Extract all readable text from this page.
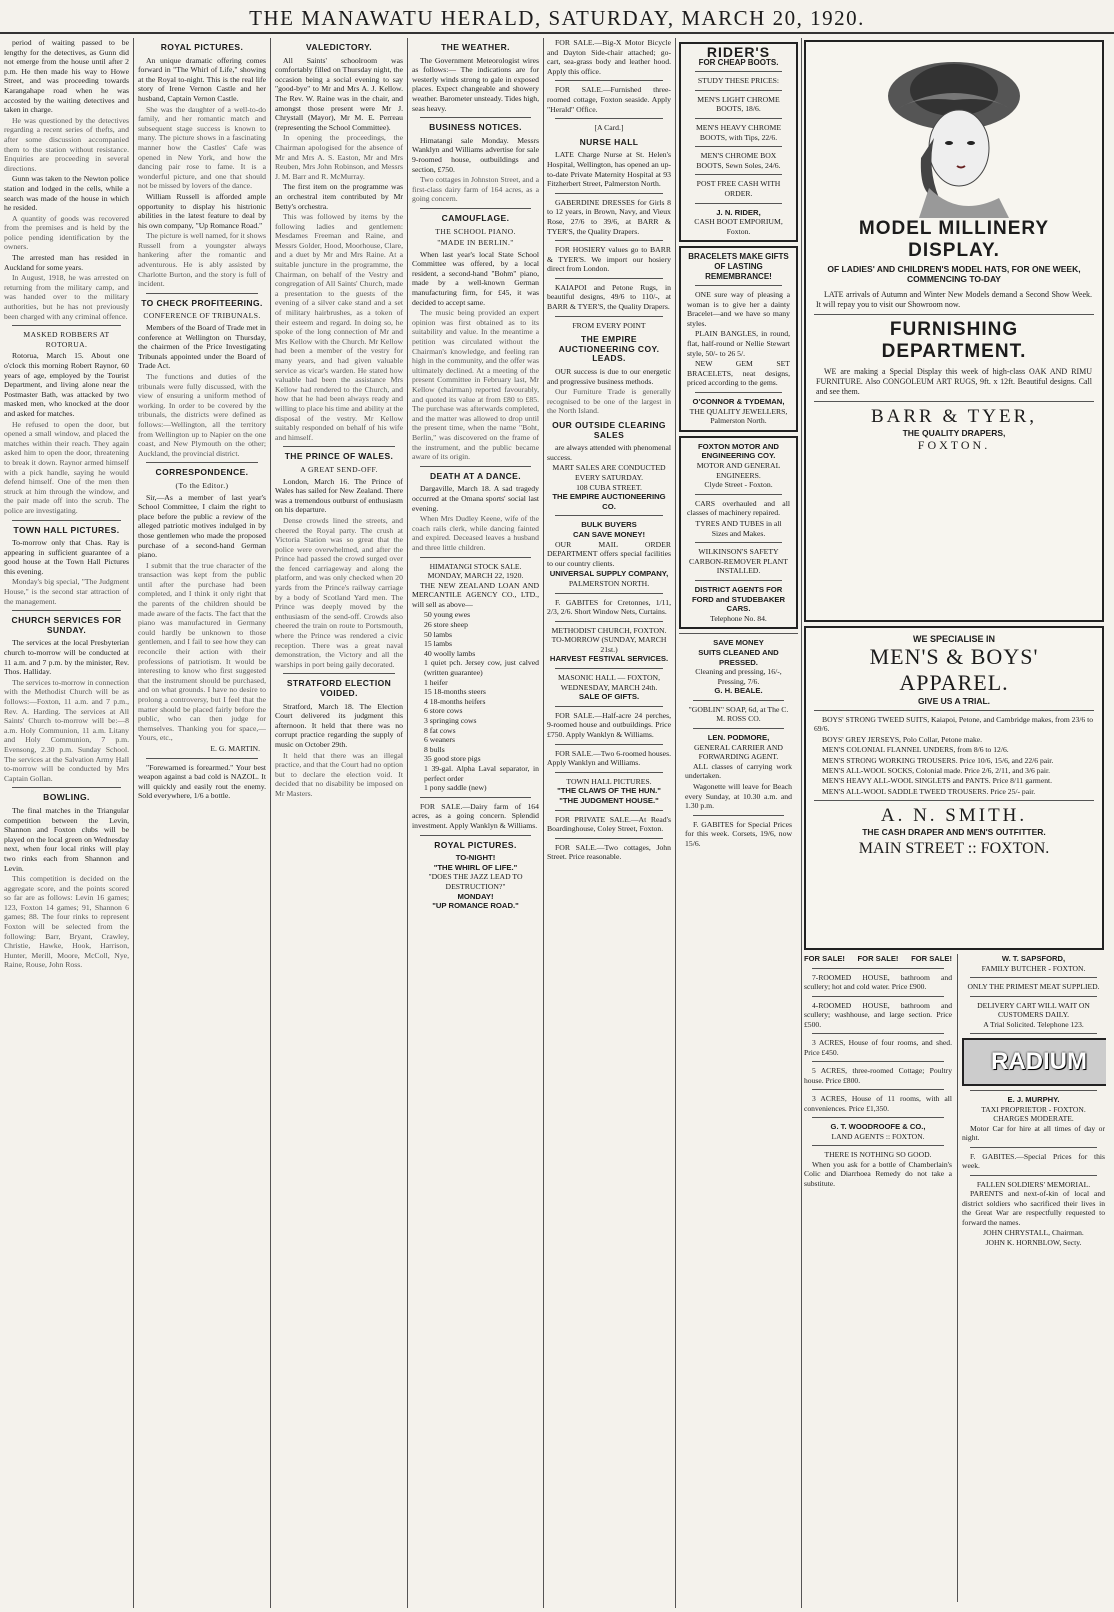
THE MANAWATU HERALD, SATURDAY, MARCH 20, 1920.

period of waiting passed to be lengthy for the detectives, as Gunn did not emerge from the house until after 2 p.m. He then made his way to Howe Street, and was proceeding towards Karangahape road when he was accosted by the waiting detectives and taken in charge.

He was questioned by the detectives regarding a recent series of thefts, and after some discussion accompanied them to the station without resistance. Enquiries are proceeding in several directions.

Gunn was taken to the Newton police station and lodged in the cells, while a search was made of the house in which he resided.

A quantity of goods was recovered from the premises and is held by the police pending identification by the owners.

The arrested man has resided in Auckland for some years.

In August, 1918, he was arrested on returning from the military camp, and was handed over to the military authorities, but he has not previously been charged with any criminal offence.

MASKED ROBBERS AT ROTORUA.

Rotorua, March 15. About one o'clock this morning Robert Raynor, 60 years of age, employed by the Tourist Department, and living alone near the Postmaster Bath, was attacked by two masked men, who knocked at the door and asked for matches.

He refused to open the door, but opened a small window, and placed the matches within their reach. They again asked him to open the door, threatening to break it down. Raynor armed himself with a pick handle, saying he would defend himself. One of the men then struck at him through the window, and the pair made off into the scrub. The police are investigating.

TOWN HALL PICTURES.

To-morrow only that Chas. Ray is appearing in sufficient guarantee of a good house at the Town Hall Pictures this evening.

Monday's big special, "The Judgment House," is the second star attraction of the management.

CHURCH SERVICES FOR SUNDAY.

The services at the local Presbyterian church to-morrow will be conducted at 11 a.m. and 7 p.m. by the minister, Rev. Thos. Halliday.

The services to-morrow in connection with the Methodist Church will be as follows:—Foxton, 11 a.m. and 7 p.m., Rev. A. Harding. The services at All Saints' Church to-morrow will be:—8 a.m. Holy Communion, 11 a.m. Litany and Holy Communion, 7 p.m. Evensong, 2.30 p.m. Sunday School. The services at the Salvation Army Hall to-morrow will be conducted by Mrs Captain Gollan.

BOWLING.

The final matches in the Triangular competition between the Levin, Shannon and Foxton clubs will be played on the local green on Wednesday next, when four local rinks will play two rinks each from Shannon and Levin.

This competition is decided on the aggregate score, and the points scored so far are as follows: Levin 16 games; 123, Foxton 14 games; 91, Shannon 6 games; 88. The four rinks to represent Foxton will be selected from the following: Barr, Bryant, Crawley, Christie, Hawke, Hook, Harrison, Hunter, Merill, Moore, McColl, Nye, Raine, Rouse, John Ross.

ROYAL PICTURES.

An unique dramatic offering comes forward in "The Whirl of Life," showing at the Royal to-night. This is the real life story of Irene Vernon Castle and her husband, Captain Vernon Castle.

She was the daughter of a well-to-do family, and her romantic match and subsequent stage success is known to many. The picture shows in a fascinating manner how the Castles' Cafe was opened in New York, and how the dancing pair rose to fame. It is a wonderful picture, and one that should not be missed by lovers of the dance.

William Russell is afforded ample opportunity to display his histrionic abilities in the latest feature to deal by his own company, "Up Romance Road."

The picture is well named, for it shows Russell from a youngster always hankering after the romantic and adventurous. He is ably assisted by Charlotte Burton, and the story is full of incident.

TO CHECK PROFITEERING.
CONFERENCE OF TRIBUNALS.

Members of the Board of Trade met in conference at Wellington on Thursday, the chairmen of the Price Investigating Tribunals appointed under the Board of Trade Act.

The functions and duties of the tribunals were fully discussed, with the view of ensuring a uniform method of working. In order to be covered by the tribunals, the districts were defined as follows:—Wellington, all the territory from Wellington up to Napier on the one coast, and New Plymouth on the other; Auckland, the provincial district.

CORRESPONDENCE.
(To the Editor.)

Sir,—As a member of last year's School Committee, I claim the right to place before the public a review of the alleged patriotic motives indulged in by those gentlemen who made the proposed purchase of a second-hand German piano.

I submit that the true character of the transaction was kept from the public until after the purchase had been completed, and I think it only right that the parents of the children should be made aware of the facts. The fact that the piano was manufactured in Germany could hardly be unknown to those gentlemen, and I fail to see how they can reconcile their action with their professions of patriotism. It would be interesting to know who first suggested that the instrument should be purchased, and on what grounds. I have no desire to prolong a controversy, but I feel that the matter should be placed fairly before the public, who can then judge for themselves. Thanking you for space,—Yours, etc.,

E. G. MARTIN.

"Forewarned is forearmed." Your best weapon against a bad cold is NAZOL. It will quickly and easily rout the enemy. Sold everywhere, 1/6 a bottle.

VALEDICTORY.

All Saints' schoolroom was comfortably filled on Thursday night, the occasion being a social evening to say "good-bye" to Mr and Mrs A. J. Kellow. The Rev. W. Raine was in the chair, and amongst those present were Mr J. Chrystall (Mayor), Mr M. E. Perreau (representing the School Committee).

In opening the proceedings, the Chairman apologised for the absence of Mr and Mrs A. S. Easton, Mr and Mrs Reuben, Mrs John Robinson, and Messrs J. M. Barr and R. McMurray.

The first item on the programme was an orchestral item contributed by Mr Betty's orchestra.

This was followed by items by the following ladies and gentlemen: Mesdames Freeman and Raine, and Messrs Golder, Hood, Moorhouse, Clare, and a duet by Mr and Mrs Raine. At a suitable juncture in the programme, the Chairman, on behalf of the Vestry and congregation of All Saints' Church, made a presentation to the guests of the evening of a silver cake stand and a set of military hairbrushes, as a token of their esteem and regard. In doing so, he spoke of the long connection of Mr and Mrs Kellow with the Church. Mr Kellow had been a member of the vestry for many years, and had given valuable service as vicar's warden. He stated how valuable had been the assistance Mrs Kellow had rendered to the Church, and how that he had been always ready and willing to place his time and ability at the disposal of the vestry. Mr Kellow suitably responded on behalf of his wife and himself.

THE PRINCE OF WALES.
A GREAT SEND-OFF.

London, March 16. The Prince of Wales has sailed for New Zealand. There was a tremendous outburst of enthusiasm on his departure.

Dense crowds lined the streets, and cheered the Royal party. The crush at Victoria Station was so great that the police were overwhelmed, and after the Prince had passed the crowd surged over the fenced carriageway and along the platform, and was only checked when 20 yards from the Prince's railway carriage by a body of Scotland Yard men. The Prince was deeply moved by the enthusiasm of the send-off. Crowds also cheered the train on route to Portsmouth, where the Prince was rendered a civic reception. There was a great naval demonstration, the Victory and all the warships in port being gaily decorated.

STRATFORD ELECTION VOIDED.

Stratford, March 18. The Election Court delivered its judgment this afternoon. It held that there was no corrupt practice regarding the supply of music on October 29th.

It held that there was an illegal practice, and that the Court had no option but to declare the election void. It decided that no disability be imposed on Mr Masters.

THE WEATHER.

The Government Meteorologist wires as follows:— The indications are for westerly winds strong to gale in exposed places. Expect changeable and showery weather. Barometer unsteady. Tides high, seas heavy.

BUSINESS NOTICES.

Himatangi sale Monday. Messrs Wanklyn and Williams advertise for sale 9-roomed house, outbuildings and section, £750.

Two cottages in Johnston Street, and a first-class dairy farm of 164 acres, as a going concern.

CAMOUFLAGE.
THE SCHOOL PIANO.
"MADE IN BERLIN."

When last year's local State School Committee was offered, by a local resident, a second-hand "Bohm" piano, made by a well-known German manufacturing firm, for £45, it was decided to accept same.

The music being provided an expert opinion was first obtained as to its suitability and value. In the meantime a petition was circulated without the Chairman's knowledge, and feeling ran high in the community, and the offer was ultimately declined. At a meeting of the present Committee in February last, Mr Kellow (chairman) reported favourably, and quoted its value at from £80 to £85. The purchase was afterwards completed, and the matter was allowed to drop until the present time, when the name "Boht, Berlin," was discovered on the frame of the instrument, and the public became aware of its origin.

DEATH AT A DANCE.

Dargaville, March 18. A sad tragedy occurred at the Omana sports' social last evening.

When Mrs Dudley Keene, wife of the coach rails clerk, while dancing fainted and expired. Deceased leaves a husband and three little children.

HIMATANGI STOCK SALE.
MONDAY, MARCH 22, 1920.

THE NEW ZEALAND LOAN AND MERCANTILE AGENCY CO., LTD., will sell as above—

50 young ewes
26 store sheep
50 lambs
15 lambs
40 woolly lambs
1 quiet pch. Jersey cow, just calved (written guarantee)
1 heifer
15 18-months steers
4 18-months heifers
6 store cows
3 springing cows
8 fat cows
6 weaners
8 bulls
35 good store pigs
1 39-gal. Alpha Laval separator, in perfect order
1 pony saddle (new)

FOR SALE.—Dairy farm of 164 acres, as a going concern. Splendid investment. Apply Wanklyn & Williams.

ROYAL PICTURES.
TO-NIGHT!
"THE WHIRL OF LIFE."
"DOES THE JAZZ LEAD TO DESTRUCTION?"
MONDAY!
"UP ROMANCE ROAD."

FOR SALE.—Big-X Motor Bicycle and Dayton Side-chair attached; go-cart, sea-grass body and leather hood. Apply this office.

FOR SALE.—Furnished three-roomed cottage, Foxton seaside. Apply "Herald" Office.

[A Card.]
NURSE HALL

LATE Charge Nurse at St. Helen's Hospital, Wellington, has opened an up-to-date Private Maternity Hospital at 93 Fitzherbert Street, Palmerston North.

GABERDINE DRESSES for Girls 8 to 12 years, in Brown, Navy, and Vieux Rose, 27/6 to 39/6, at BARR & TYER'S, the Quality Drapers.

FOR HOSIERY values go to BARR & TYER'S. We import our hosiery direct from London.

KAIAPOI and Petone Rugs, in beautiful designs, 49/6 to 110/-, at BARR & TYER'S, the Quality Drapers.

FROM EVERY POINT
THE EMPIRE AUCTIONEERING COY. LEADS.

OUR success is due to our energetic and progressive business methods.

Our Furniture Trade is generally recognised to be one of the largest in the North Island.

OUR OUTSIDE CLEARING SALES

are always attended with phenomenal success.

MART SALES ARE CONDUCTED EVERY SATURDAY.
108 CUBA STREET.
THE EMPIRE AUCTIONEERING CO.
BULK BUYERS
CAN SAVE MONEY!

OUR MAIL ORDER DEPARTMENT offers special facilities to our country clients.

UNIVERSAL SUPPLY COMPANY,
PALMERSTON NORTH.

F. GABITES for Cretonnes, 1/11, 2/3, 2/6. Short Window Nets, Curtains.

METHODIST CHURCH, FOXTON.
TO-MORROW (SUNDAY, MARCH 21st.)
HARVEST FESTIVAL SERVICES.
MASONIC HALL — FOXTON, WEDNESDAY, MARCH 24th.
SALE OF GIFTS.

FOR SALE.—Half-acre 24 perches, 9-roomed house and outbuildings. Price £750. Apply Wanklyn & Williams.

FOR SALE.—Two 6-roomed houses. Apply Wanklyn and Williams.

TOWN HALL PICTURES.
"THE CLAWS OF THE HUN."
"THE JUDGMENT HOUSE."

FOR PRIVATE SALE.—At Read's Boardinghouse, Coley Street, Foxton.

FOR SALE.—Two cottages, John Street. Price reasonable.

RIDER'S
FOR CHEAP BOOTS.
STUDY THESE PRICES:
MEN'S LIGHT CHROME BOOTS, 18/6.
MEN'S HEAVY CHROME BOOTS, with Tips, 22/6.
MEN'S CHROME BOX BOOTS, Sewn Soles, 24/6.
POST FREE CASH WITH ORDER.
J. N. RIDER,
CASH BOOT EMPORIUM,
Foxton.
BRACELETS MAKE GIFTS OF LASTING REMEMBRANCE!

ONE sure way of pleasing a woman is to give her a dainty Bracelet—and we have so many styles.

PLAIN BANGLES, in round, flat, half-round or Nellie Stewart style, 50/- to 26 5/.

NEW GEM SET BRACELETS, neat designs, priced according to the gems.

O'CONNOR & TYDEMAN,
THE QUALITY JEWELLERS,
Palmerston North.
FOXTON MOTOR AND ENGINEERING COY.
MOTOR AND GENERAL ENGINEERS.
Clyde Street - Foxton.

CARS overhauled and all classes of machinery repaired.

TYRES AND TUBES in all Sizes and Makes.
WILKINSON'S SAFETY CARBON-REMOVER PLANT INSTALLED.
DISTRICT AGENTS FOR FORD and STUDEBAKER CARS.
Telephone No. 84.
SAVE MONEY
SUITS CLEANED AND PRESSED.
Cleaning and pressing, 16/-, Pressing, 7/6.
G. H. BEALE.
"GOBLIN" SOAP, 6d, at The C. M. ROSS CO.
LEN. PODMORE,
GENERAL CARRIER AND FORWARDING AGENT.

ALL classes of carrying work undertaken.

Wagonette will leave for Beach every Sunday, at 10.30 a.m. and 1.30 p.m.

F. GABITES for Special Prices for this week. Corsets, 19/6, now 15/6.

MODEL MILLINERY
DISPLAY.
OF LADIES' AND CHILDREN'S MODEL HATS, FOR ONE WEEK, COMMENCING TO-DAY

LATE arrivals of Autumn and Winter New Models demand a Second Show Week. It will repay you to visit our Showroom now.

FURNISHING
DEPARTMENT.

WE are making a Special Display this week of high-class OAK AND RIMU FURNITURE. Also CONGOLEUM ART RUGS, 9ft. x 12ft. Beautiful designs. Call and see them.

BARR & TYER,
THE QUALITY DRAPERS,
FOXTON.
WE SPECIALISE IN
MEN'S & BOYS'
APPAREL.
GIVE US A TRIAL.

BOYS' STRONG TWEED SUITS, Kaiapoi, Petone, and Cambridge makes, from 23/6 to 69/6.

BOYS' GREY JERSEYS, Polo Collar, Petone make.

MEN'S COLONIAL FLANNEL UNDERS, from 8/6 to 12/6.

MEN'S STRONG WORKING TROUSERS. Price 10/6, 15/6, and 22/6 pair.

MEN'S ALL-WOOL SOCKS, Colonial made. Price 2/6, 2/11, and 3/6 pair.

MEN'S HEAVY ALL-WOOL SINGLETS and PANTS. Price 8/11 garment.

MEN'S ALL-WOOL SADDLE TWEED TROUSERS. Price 25/- pair.

A. N. SMITH.
THE CASH DRAPER AND MEN'S OUTFITTER.
MAIN STREET :: FOXTON.
FOR SALE! FOR SALE! FOR SALE!

7-ROOMED HOUSE, bathroom and scullery; hot and cold water. Price £900.

4-ROOMED HOUSE, bathroom and scullery; washhouse, and large section. Price £500.

3 ACRES, House of four rooms, and shed. Price £450.

5 ACRES, three-roomed Cottage; Poultry house. Price £800.

3 ACRES, House of 11 rooms, with all conveniences. Price £1,350.

G. T. WOODROOFE & CO.,
LAND AGENTS :: FOXTON.
THERE IS NOTHING SO GOOD.

When you ask for a bottle of Chamberlain's Colic and Diarrhoea Remedy do not take a substitute.

W. T. SAPSFORD,
FAMILY BUTCHER - FOXTON.
ONLY THE PRIMEST MEAT SUPPLIED.
DELIVERY CART WILL WAIT ON CUSTOMERS DAILY.
A Trial Solicited. Telephone 123.
RADIUM
E. J. MURPHY.
TAXI PROPRIETOR - FOXTON.
CHARGES MODERATE.

Motor Car for hire at all times of day or night.

F. GABITES.—Special Prices for this week.

FALLEN SOLDIERS' MEMORIAL.

PARENTS and next-of-kin of local and district soldiers who sacrificed their lives in the Great War are respectfully requested to forward the names.

JOHN CHRYSTALL, Chairman.
JOHN K. HORNBLOW, Secty.
